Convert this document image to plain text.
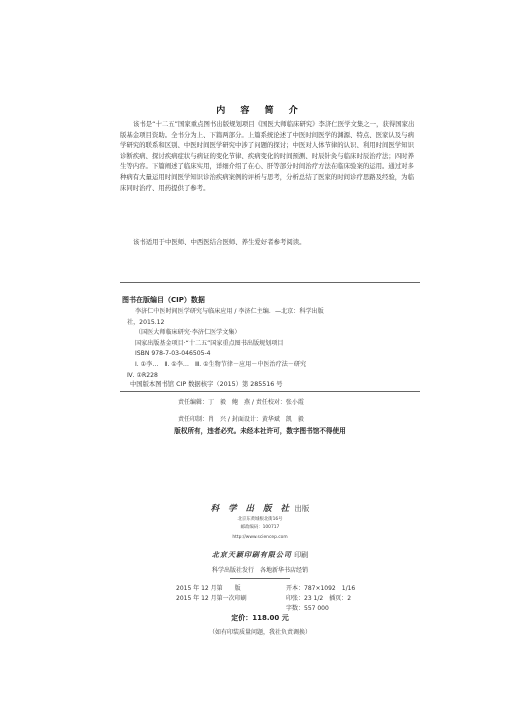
内 容 简 介
该书是“十二五”国家重点图书出版规划项目《国医大师临床研究》李济仁医学文集之一，获得国家出版基金项目资助。全书分为上、下篇两部分。上篇系统论述了中医时间医学的渊源、特点、医家认及与病学研究的联系和区别、中医时间医学研究中涉了问题的探讨；中医对人体节律的认识、利用时间医学知识诊断疾病、探讨疾病症状与病证的变化节律、疾病变化的时间预测、时辰针灸与临床时辰治疗法；四时养生等内容。下篇阐述了临床实用，详细介绍了在心、肝等部分时间治疗方法在临床验案的运用。通过对多种病有大量运用时间医学知识诊治疾病案例的评析与思考，分析总结了医家的时间诊疗思路及经验，为临床同时治疗、用药提供了参考。
该书适用于中医师、中西医结合医师、养生爱好者参考阅读。
图书在版编目（CIP）数据
李济仁中医时间医学研究与临床应用 / 李济仁主编．—北京：科学出版
社，2015.12
（国医大师临床研究·李济仁医学文集）
国家出版基金项目·“十二五”国家重点图书出版规划项目
ISBN 978-7-03-046505-4
Ⅰ. ①李…　Ⅱ. ①李…　Ⅲ. ①生物节律－应用－中医治疗法－研究
Ⅳ. ①R228
中国版本图书馆 CIP 数据核字（2015）第 285516 号
责任编辑：丁　毅　鲍　燕 / 责任校对：张小霞
责任印制：肖　兴 / 封面设计：黄华斌　凯　毅
版权所有，违者必究。未经本社许可，数字图书馆不得使用
科 学 出 版 社 出版
北京东黄城根北街16号
邮政编码：100717
http://www.sciencep.com
北京天颖印刷有限公司 印刷
科学出版社发行　各地新华书店经销
2015 年 12 月第　　版	开本：787×1092　1/16
2015 年 12 月第一次印刷	印张：23 1/2　插页：2
字数：557 000
定价：118.00 元
（如有印装质量问题，我社负责调换）
